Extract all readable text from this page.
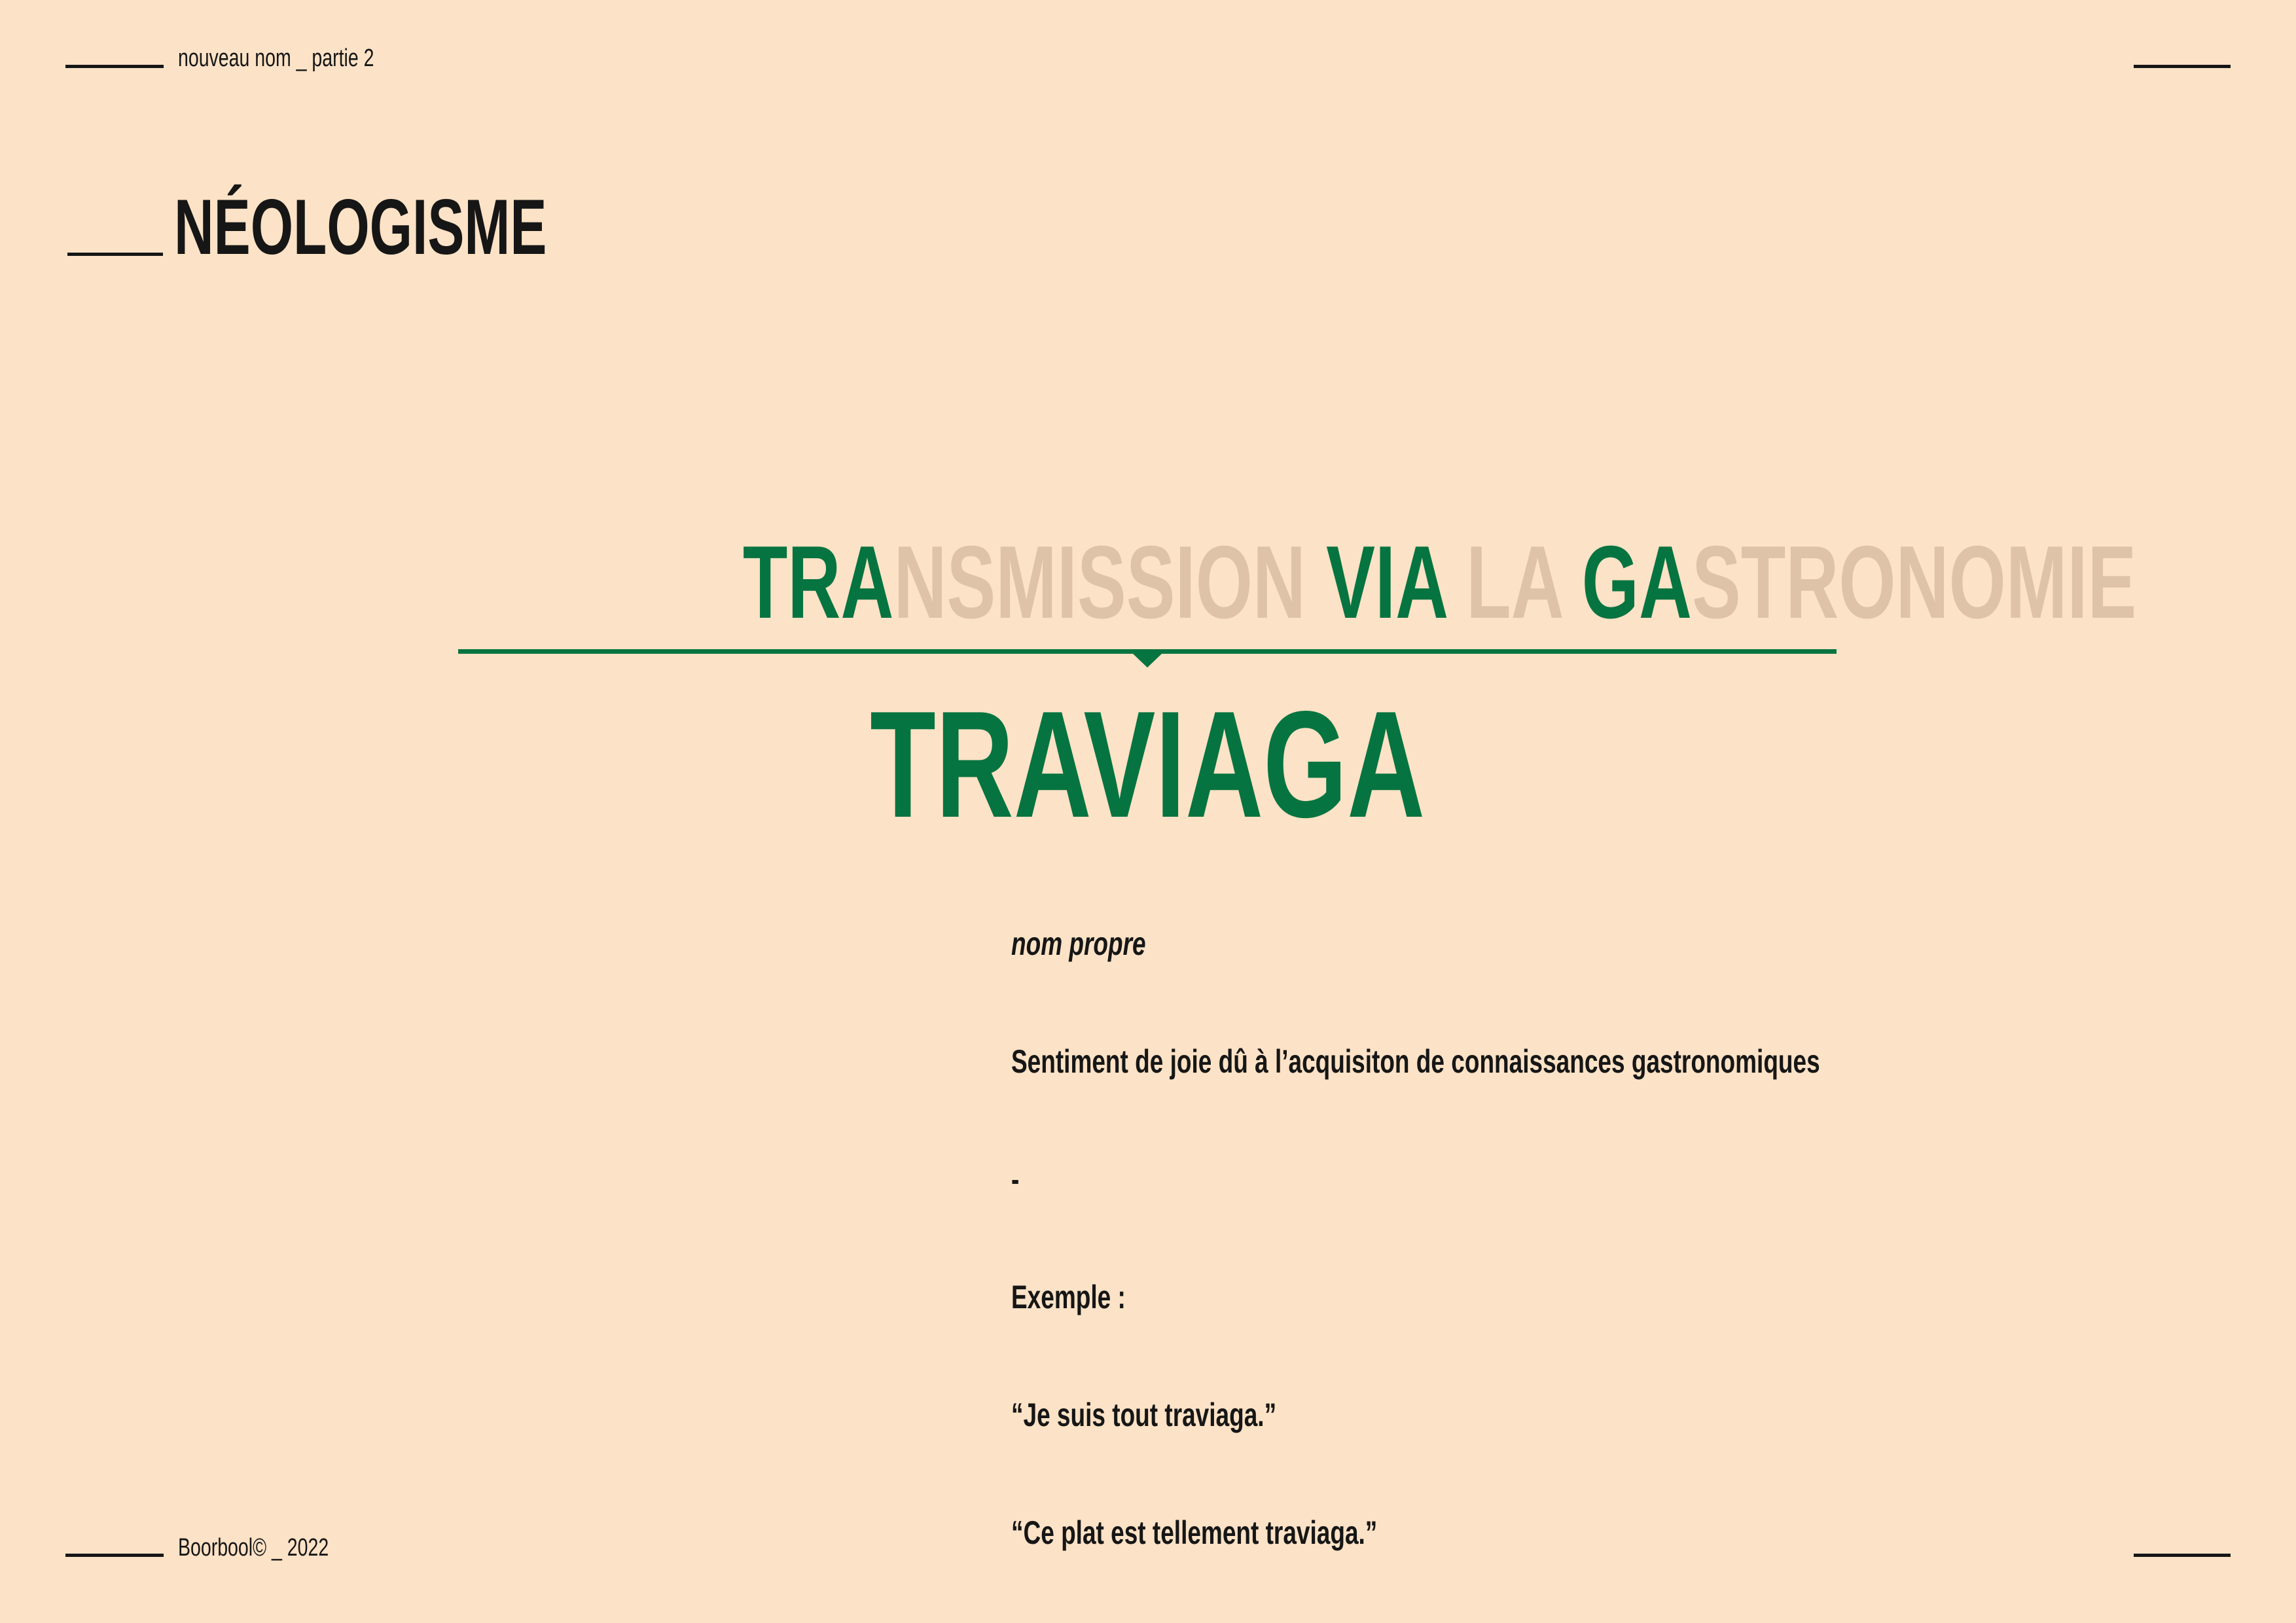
nouveau nom _ partie 2
NÉOLOGISME
TRANSMISSION VIA LA GASTRONOMIE
TRAVIAGA

nom propre

Sentiment de joie dû à l’acquisiton de connaissances gastronomiques

-

Exemple :

“Je suis tout traviaga.”

“Ce plat est tellement traviaga.”

Boorbool© _ 2022
